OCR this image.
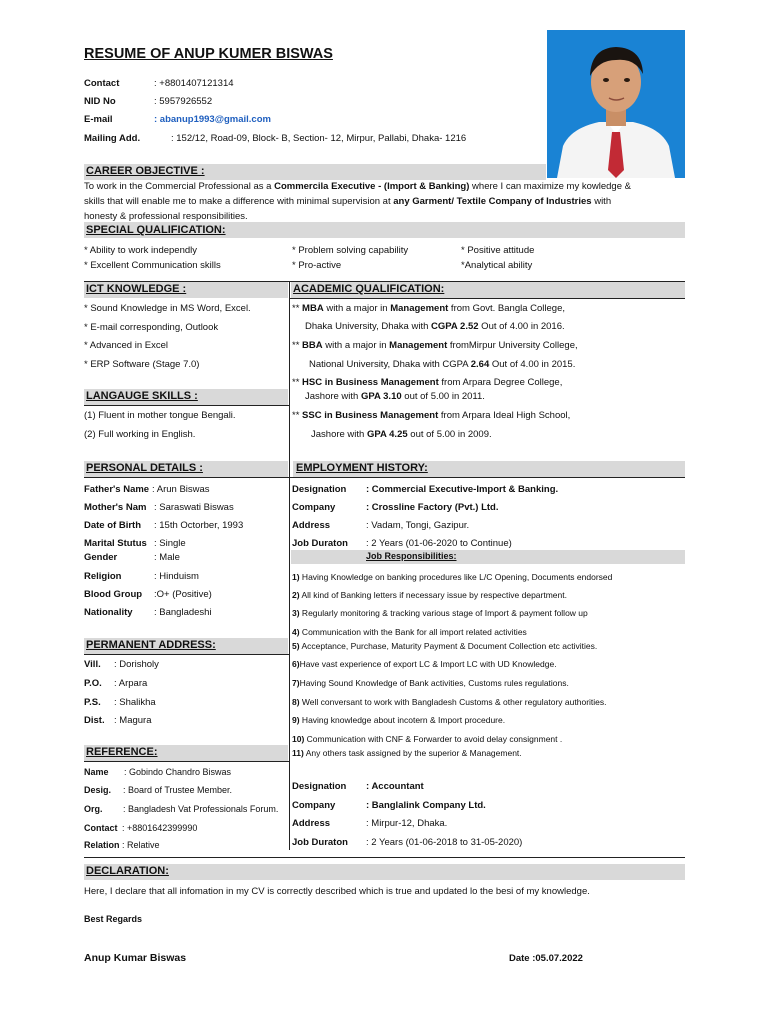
RESUME OF ANUP KUMER BISWAS
Contact	: +8801407121314
NID No	: 5957926552
E-mail	: abanup1993@gmail.com
Mailing Add.	: 152/12, Road-09, Block- B, Section- 12, Mirpur, Pallabi, Dhaka- 1216
CAREER OBJECTIVE :
To work in the Commercial Professional as a Commercila Executive - (Import & Banking) where I can maximize my kowledge &
skills that will enable me to make a difference with minimal supervision at any Garment/ Textile Company of Industries with
honesty & professional responsibilities.
SPECIAL QUALIFICATION:
* Ability to work independly	* Problem solving capability	* Positive attitude
* Excellent Communication skills	* Pro-active	*Analytical ability
ICT KNOWLEDGE :
* Sound Knowledge in MS Word, Excel.
* E-mail corresponding, Outlook
* Advanced in Excel
* ERP Software (Stage 7.0)
LANGAUGE SKILLS :
(1) Fluent in mother tongue Bengali.
(2) Full working in English.
ACADEMIC QUALIFICATION:
** MBA with a major in Management from Govt. Bangla College,
Dhaka University, Dhaka with CGPA 2.52 Out of 4.00 in 2016.
** BBA with a major in Management fromMirpur University College,
National University, Dhaka with CGPA 2.64 Out of 4.00 in 2015.
** HSC in Business Management from Arpara Degree College,
Jashore with GPA 3.10 out of 5.00 in 2011.
** SSC in Business Management from Arpara Ideal High School,
Jashore with GPA 4.25 out of 5.00 in 2009.
PERSONAL DETAILS :
Father's Name : Arun Biswas
Mother's Nam : Saraswati Biswas
Date of Birth : 15th Octorber, 1993
Marital Stutus : Single
Gender	: Male
Religion	: Hinduism
Blood Group :O+ (Positive)
Nationality : Bangladeshi
PERMANENT ADDRESS:
Vill. : Dorisholy
P.O. : Arpara
P.S. : Shalikha
Dist. : Magura
REFERENCE:
Name : Gobindo Chandro Biswas
Desig. : Board of Trustee Member.
Org. : Bangladesh Vat Professionals Forum.
Contact : +8801642399990
Relation : Relative
EMPLOYMENT HISTORY:
Designation : Commercial Executive-Import & Banking.
Company	: Crossline Factory (Pvt.) Ltd.
Address	: Vadam, Tongi, Gazipur.
Job Duraton : 2 Years (01-06-2020 to Continue)
Job Responsibilities:
1) Having Knowledge on banking procedures like L/C Opening, Documents endorsed
2) All kind of Banking letters if necessary issue by respective department.
3) Regularly monitoring & tracking various stage of Import & payment follow up
4) Communication with the Bank for all import related activities
5) Acceptance, Purchase, Maturity Payment & Document Collection etc activities.
6)Have vast experience of export LC & Import LC with UD Knowledge.
7)Having Sound Knowledge of Bank activities, Customs rules regulations.
8) Well conversant to work with Bangladesh Customs & other regulatory authorities.
9) Having knowledge about incotern & Import procedure.
10) Communication with CNF & Forwarder to avoid delay consignment .
11) Any others task assigned by the superior & Management.
Designation : Accountant
Company	: Banglalink Company Ltd.
Address	: Mirpur-12, Dhaka.
Job Duraton : 2 Years (01-06-2018 to 31-05-2020)
DECLARATION:
Here, I declare that all infomation in my CV is correctly described which is true and updated lo the besi of my knowledge.
Best Regards
Anup Kumar Biswas	Date :05.07.2022
